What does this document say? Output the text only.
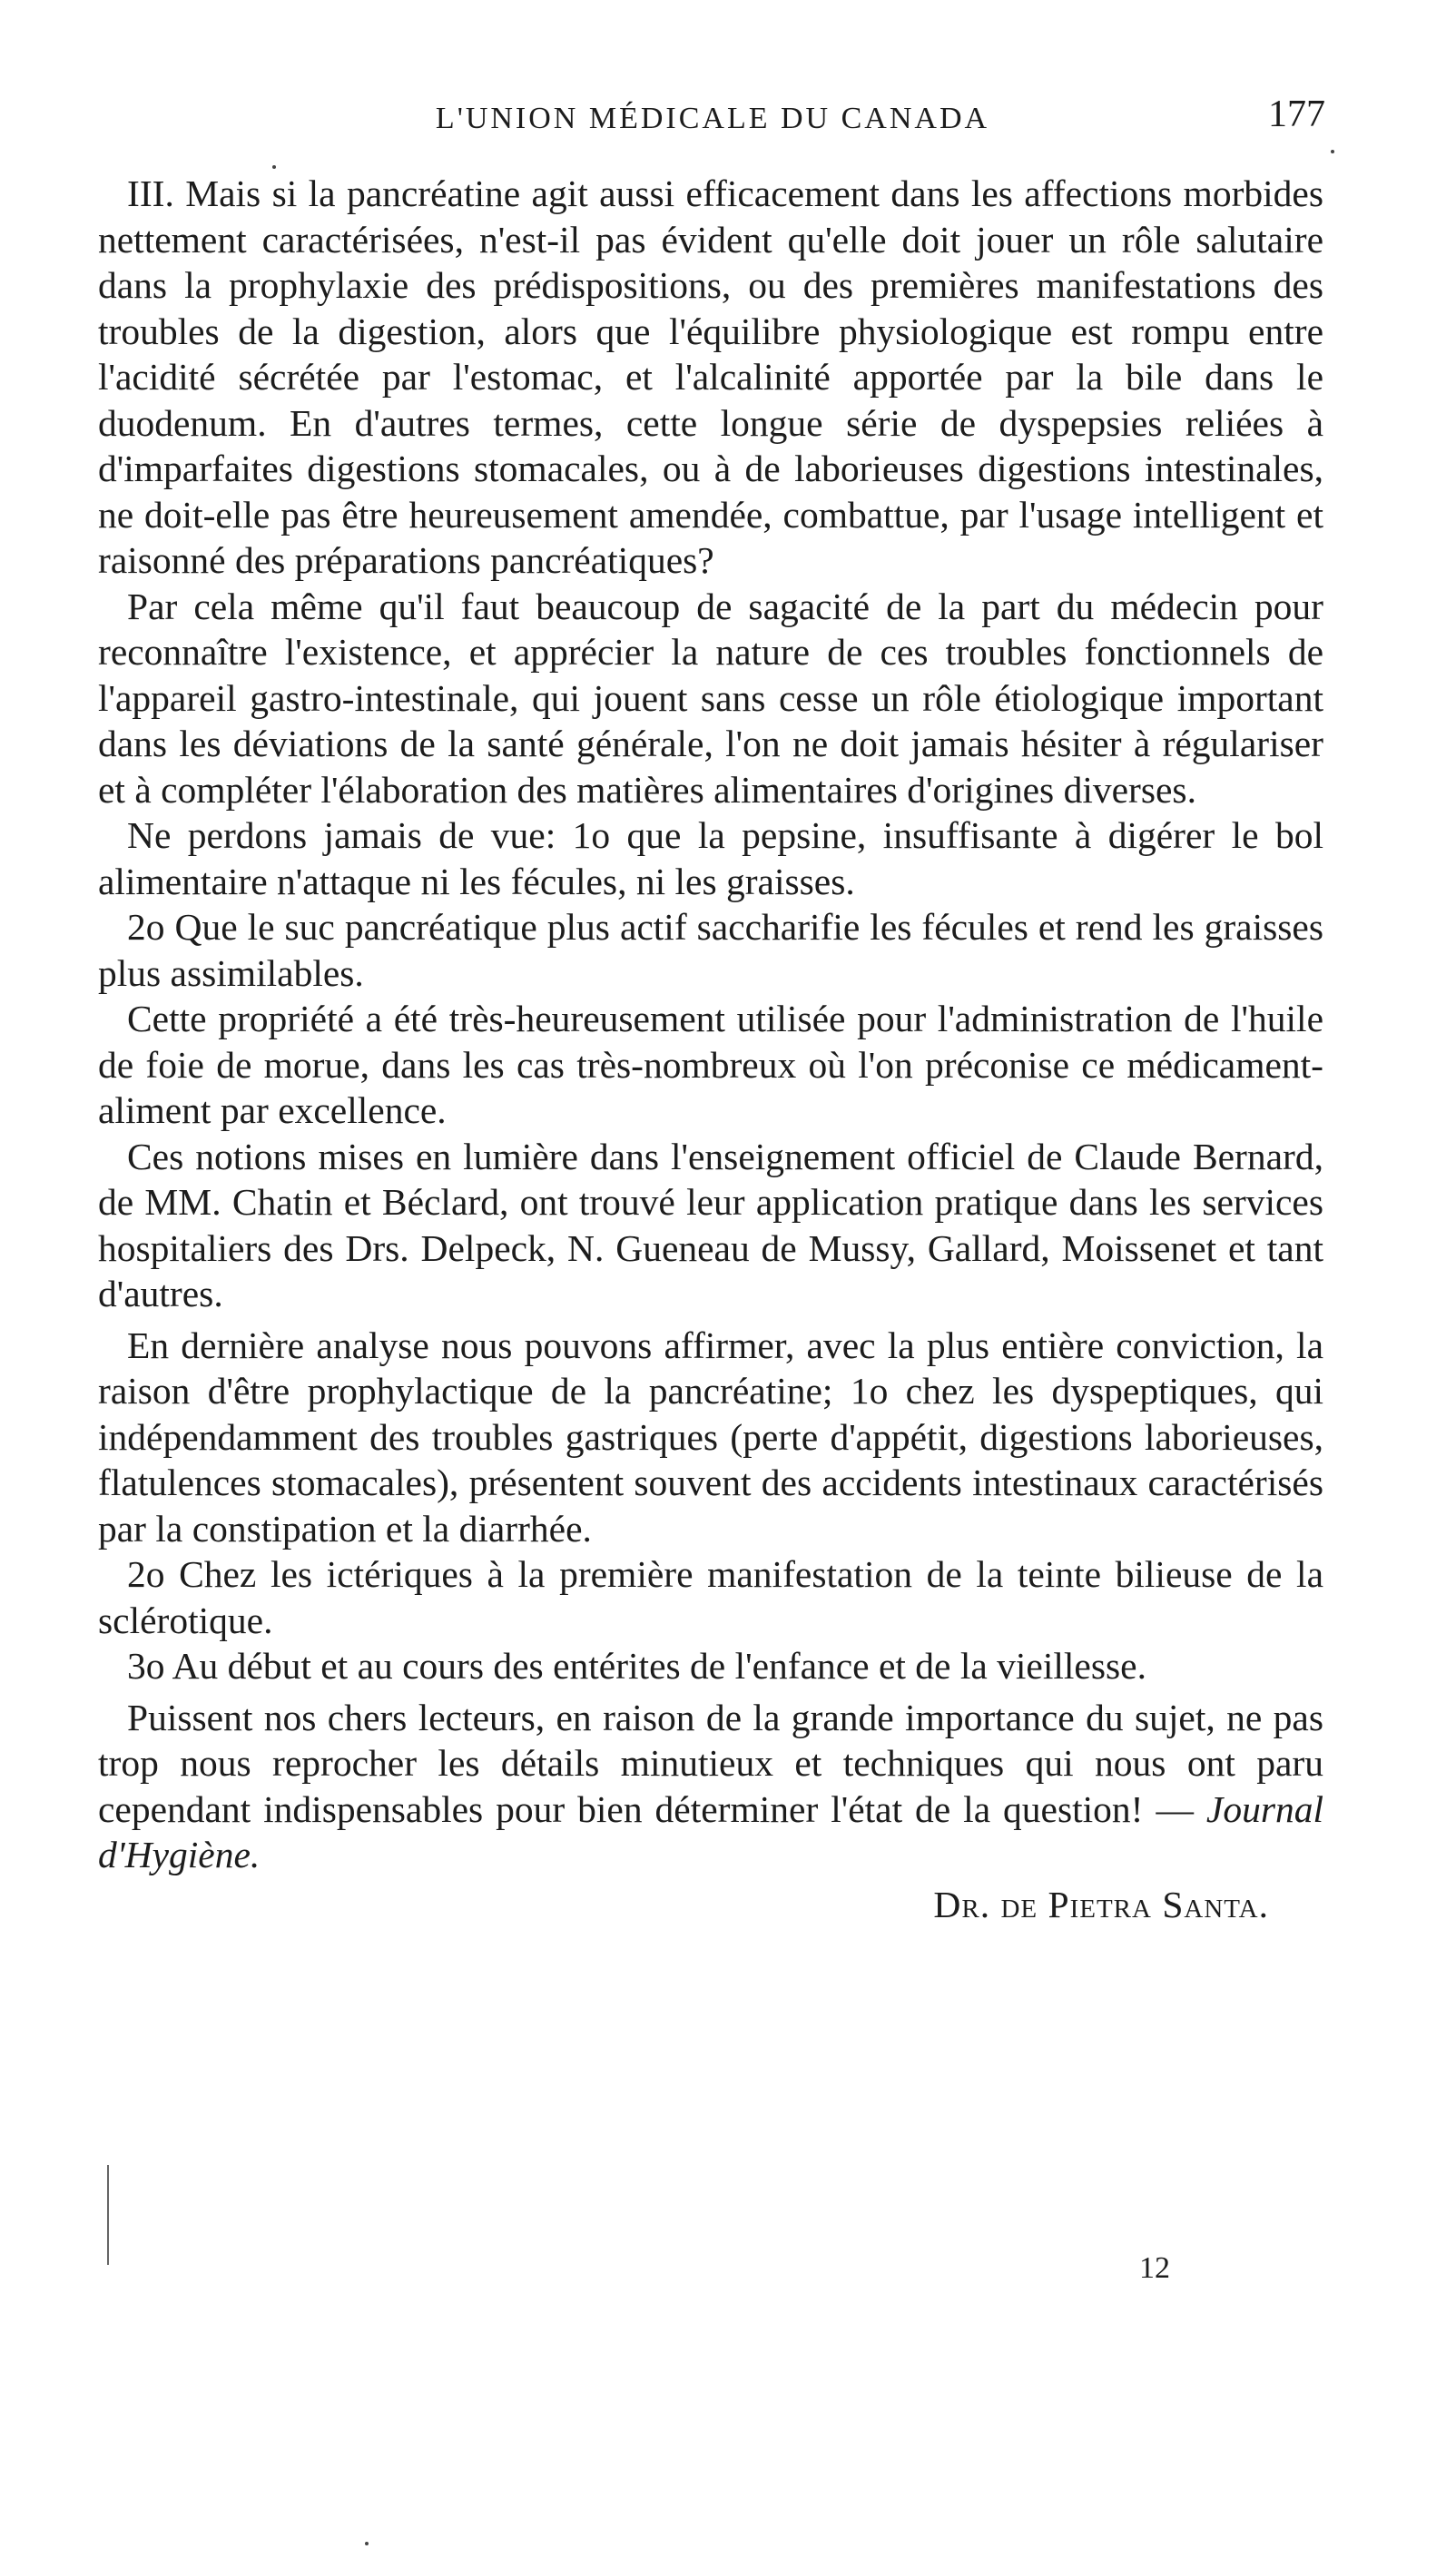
L'UNION MÉDICALE DU CANADA	177

III. Mais si la pancréatine agit aussi efficacement dans les affections morbides nettement caractérisées, n'est-il pas évident qu'elle doit jouer un rôle salutaire dans la prophylaxie des prédispositions, ou des premières manifestations des troubles de la digestion, alors que l'équilibre physiologique est rompu entre l'acidité sécrétée par l'estomac, et l'alcalinité apportée par la bile dans le duodenum. En d'autres termes, cette longue série de dyspepsies reliées à d'imparfaites digestions stomacales, ou à de laborieuses digestions intestinales, ne doit-elle pas être heureusement amendée, combattue, par l'usage intelligent et raisonné des préparations pancréatiques?

Par cela même qu'il faut beaucoup de sagacité de la part du médecin pour reconnaître l'existence, et apprécier la nature de ces troubles fonctionnels de l'appareil gastro-intestinale, qui jouent sans cesse un rôle étiologique important dans les déviations de la santé générale, l'on ne doit jamais hésiter à régulariser et à compléter l'élaboration des matières alimentaires d'origines diverses.

Ne perdons jamais de vue: 1o que la pepsine, insuffisante à digérer le bol alimentaire n'attaque ni les fécules, ni les graisses.

2o Que le suc pancréatique plus actif saccharifie les fécules et rend les graisses plus assimilables.

Cette propriété a été très-heureusement utilisée pour l'administration de l'huile de foie de morue, dans les cas très-nombreux où l'on préconise ce médicament-aliment par excellence.

Ces notions mises en lumière dans l'enseignement officiel de Claude Bernard, de MM. Chatin et Béclard, ont trouvé leur application pratique dans les services hospitaliers des Drs. Delpeck, N. Gueneau de Mussy, Gallard, Moissenet et tant d'autres.

En dernière analyse nous pouvons affirmer, avec la plus entière conviction, la raison d'être prophylactique de la pancréatine; 1o chez les dyspeptiques, qui indépendamment des troubles gastriques (perte d'appétit, digestions laborieuses, flatulences stomacales), présentent souvent des accidents intestinaux caractérisés par la constipation et la diarrhée.

2o Chez les ictériques à la première manifestation de la teinte bilieuse de la sclérotique.

3o Au début et au cours des entérites de l'enfance et de la vieillesse.

Puissent nos chers lecteurs, en raison de la grande importance du sujet, ne pas trop nous reprocher les détails minutieux et techniques qui nous ont paru cependant indispensables pour bien déterminer l'état de la question! — Journal d'Hygiène.

Dr. de Pietra Santa.
12
